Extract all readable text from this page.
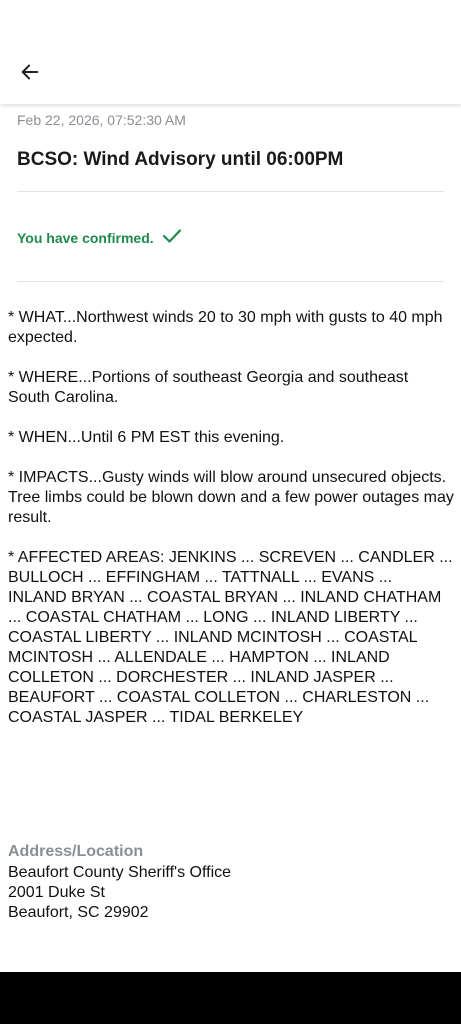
Feb 22, 2026, 07:52:30 AM
BCSO: Wind Advisory until 06:00PM
You have confirmed.

* WHAT...Northwest winds 20 to 30 mph with gusts to 40 mph expected.

* WHERE...Portions of southeast Georgia and southeast South Carolina.

* WHEN...Until 6 PM EST this evening.

* IMPACTS...Gusty winds will blow around unsecured objects. Tree limbs could be blown down and a few power outages may result.

* AFFECTED AREAS: JENKINS ... SCREVEN ... CANDLER ... BULLOCH ... EFFINGHAM ... TATTNALL ... EVANS ... INLAND BRYAN ... COASTAL BRYAN ... INLAND CHATHAM ... COASTAL CHATHAM ... LONG ... INLAND LIBERTY ... COASTAL LIBERTY ... INLAND MCINTOSH ... COASTAL MCINTOSH ... ALLENDALE ... HAMPTON ... INLAND COLLETON ... DORCHESTER ... INLAND JASPER ... BEAUFORT ... COASTAL COLLETON ... CHARLESTON ... COASTAL JASPER ... TIDAL BERKELEY

Address/Location
Beaufort County Sheriff's Office
2001 Duke St
Beaufort, SC 29902
